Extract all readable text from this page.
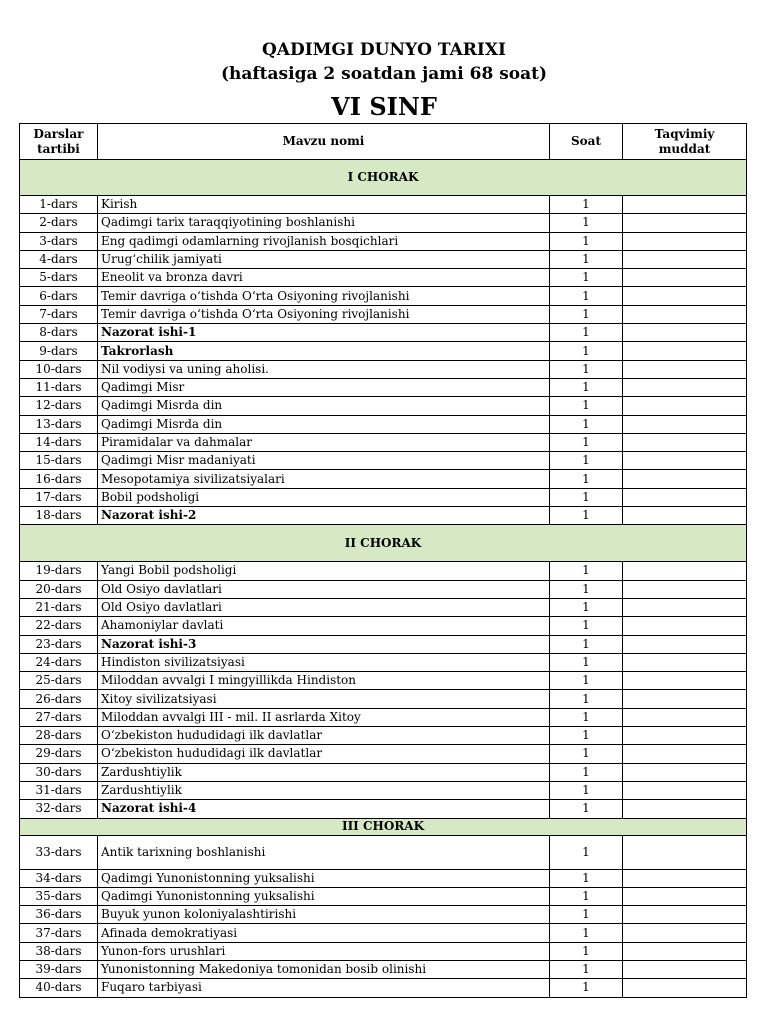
QADIMGI DUNYO TARIXI
(haftasiga 2 soatdan jami 68 soat)
VI SINF
Darslar
tartibi	Mavzu nomi	Soat	Taqvimiy
muddat
I CHORAK			
1-dars	Kirish	1	
2-dars	Qadimgi tarix taraqqiyotining boshlanishi	1	
3-dars	Eng qadimgi odamlarning rivojlanish bosqichlari	1	
4-dars	Urug‘chilik jamiyati	1	
5-dars	Eneolit va bronza davri	1	
6-dars	Temir davriga o‘tishda O‘rta Osiyoning rivojlanishi	1	
7-dars	Temir davriga o‘tishda O‘rta Osiyoning rivojlanishi	1	
8-dars	Nazorat ishi-1	1	
9-dars	Takrorlash	1	
10-dars	Nil vodiysi va uning aholisi.	1	
11-dars	Qadimgi Misr	1	
12-dars	Qadimgi Misrda din	1	
13-dars	Qadimgi Misrda din	1	
14-dars	Piramidalar va dahmalar	1	
15-dars	Qadimgi Misr madaniyati	1	
16-dars	Mesopotamiya sivilizatsiyalari	1	
17-dars	Bobil podsholigi	1	
18-dars	Nazorat ishi-2	1	
II CHORAK			
19-dars	Yangi Bobil podsholigi	1	
20-dars	Old Osiyo davlatlari	1	
21-dars	Old Osiyo davlatlari	1	
22-dars	Ahamoniylar davlati	1	
23-dars	Nazorat ishi-3	1	
24-dars	Hindiston sivilizatsiyasi	1	
25-dars	Miloddan avvalgi I mingyillikda Hindiston	1	
26-dars	Xitoy sivilizatsiyasi	1	
27-dars	Miloddan avvalgi III - mil. II asrlarda Xitoy	1	
28-dars	O‘zbekiston hududidagi ilk davlatlar	1	
29-dars	O‘zbekiston hududidagi ilk davlatlar	1	
30-dars	Zardushtiylik	1	
31-dars	Zardushtiylik	1	
32-dars	Nazorat ishi-4	1	
III CHORAK			
33-dars	Antik tarixning boshlanishi	1	
34-dars	Qadimgi Yunonistonning yuksalishi	1	
35-dars	Qadimgi Yunonistonning yuksalishi	1	
36-dars	Buyuk yunon koloniyalashtirishi	1	
37-dars	Afinada demokratiyasi	1	
38-dars	Yunon-fors urushlari	1	
39-dars	Yunonistonning Makedoniya tomonidan bosib olinishi	1	
40-dars	Fuqaro tarbiyasi	1	
